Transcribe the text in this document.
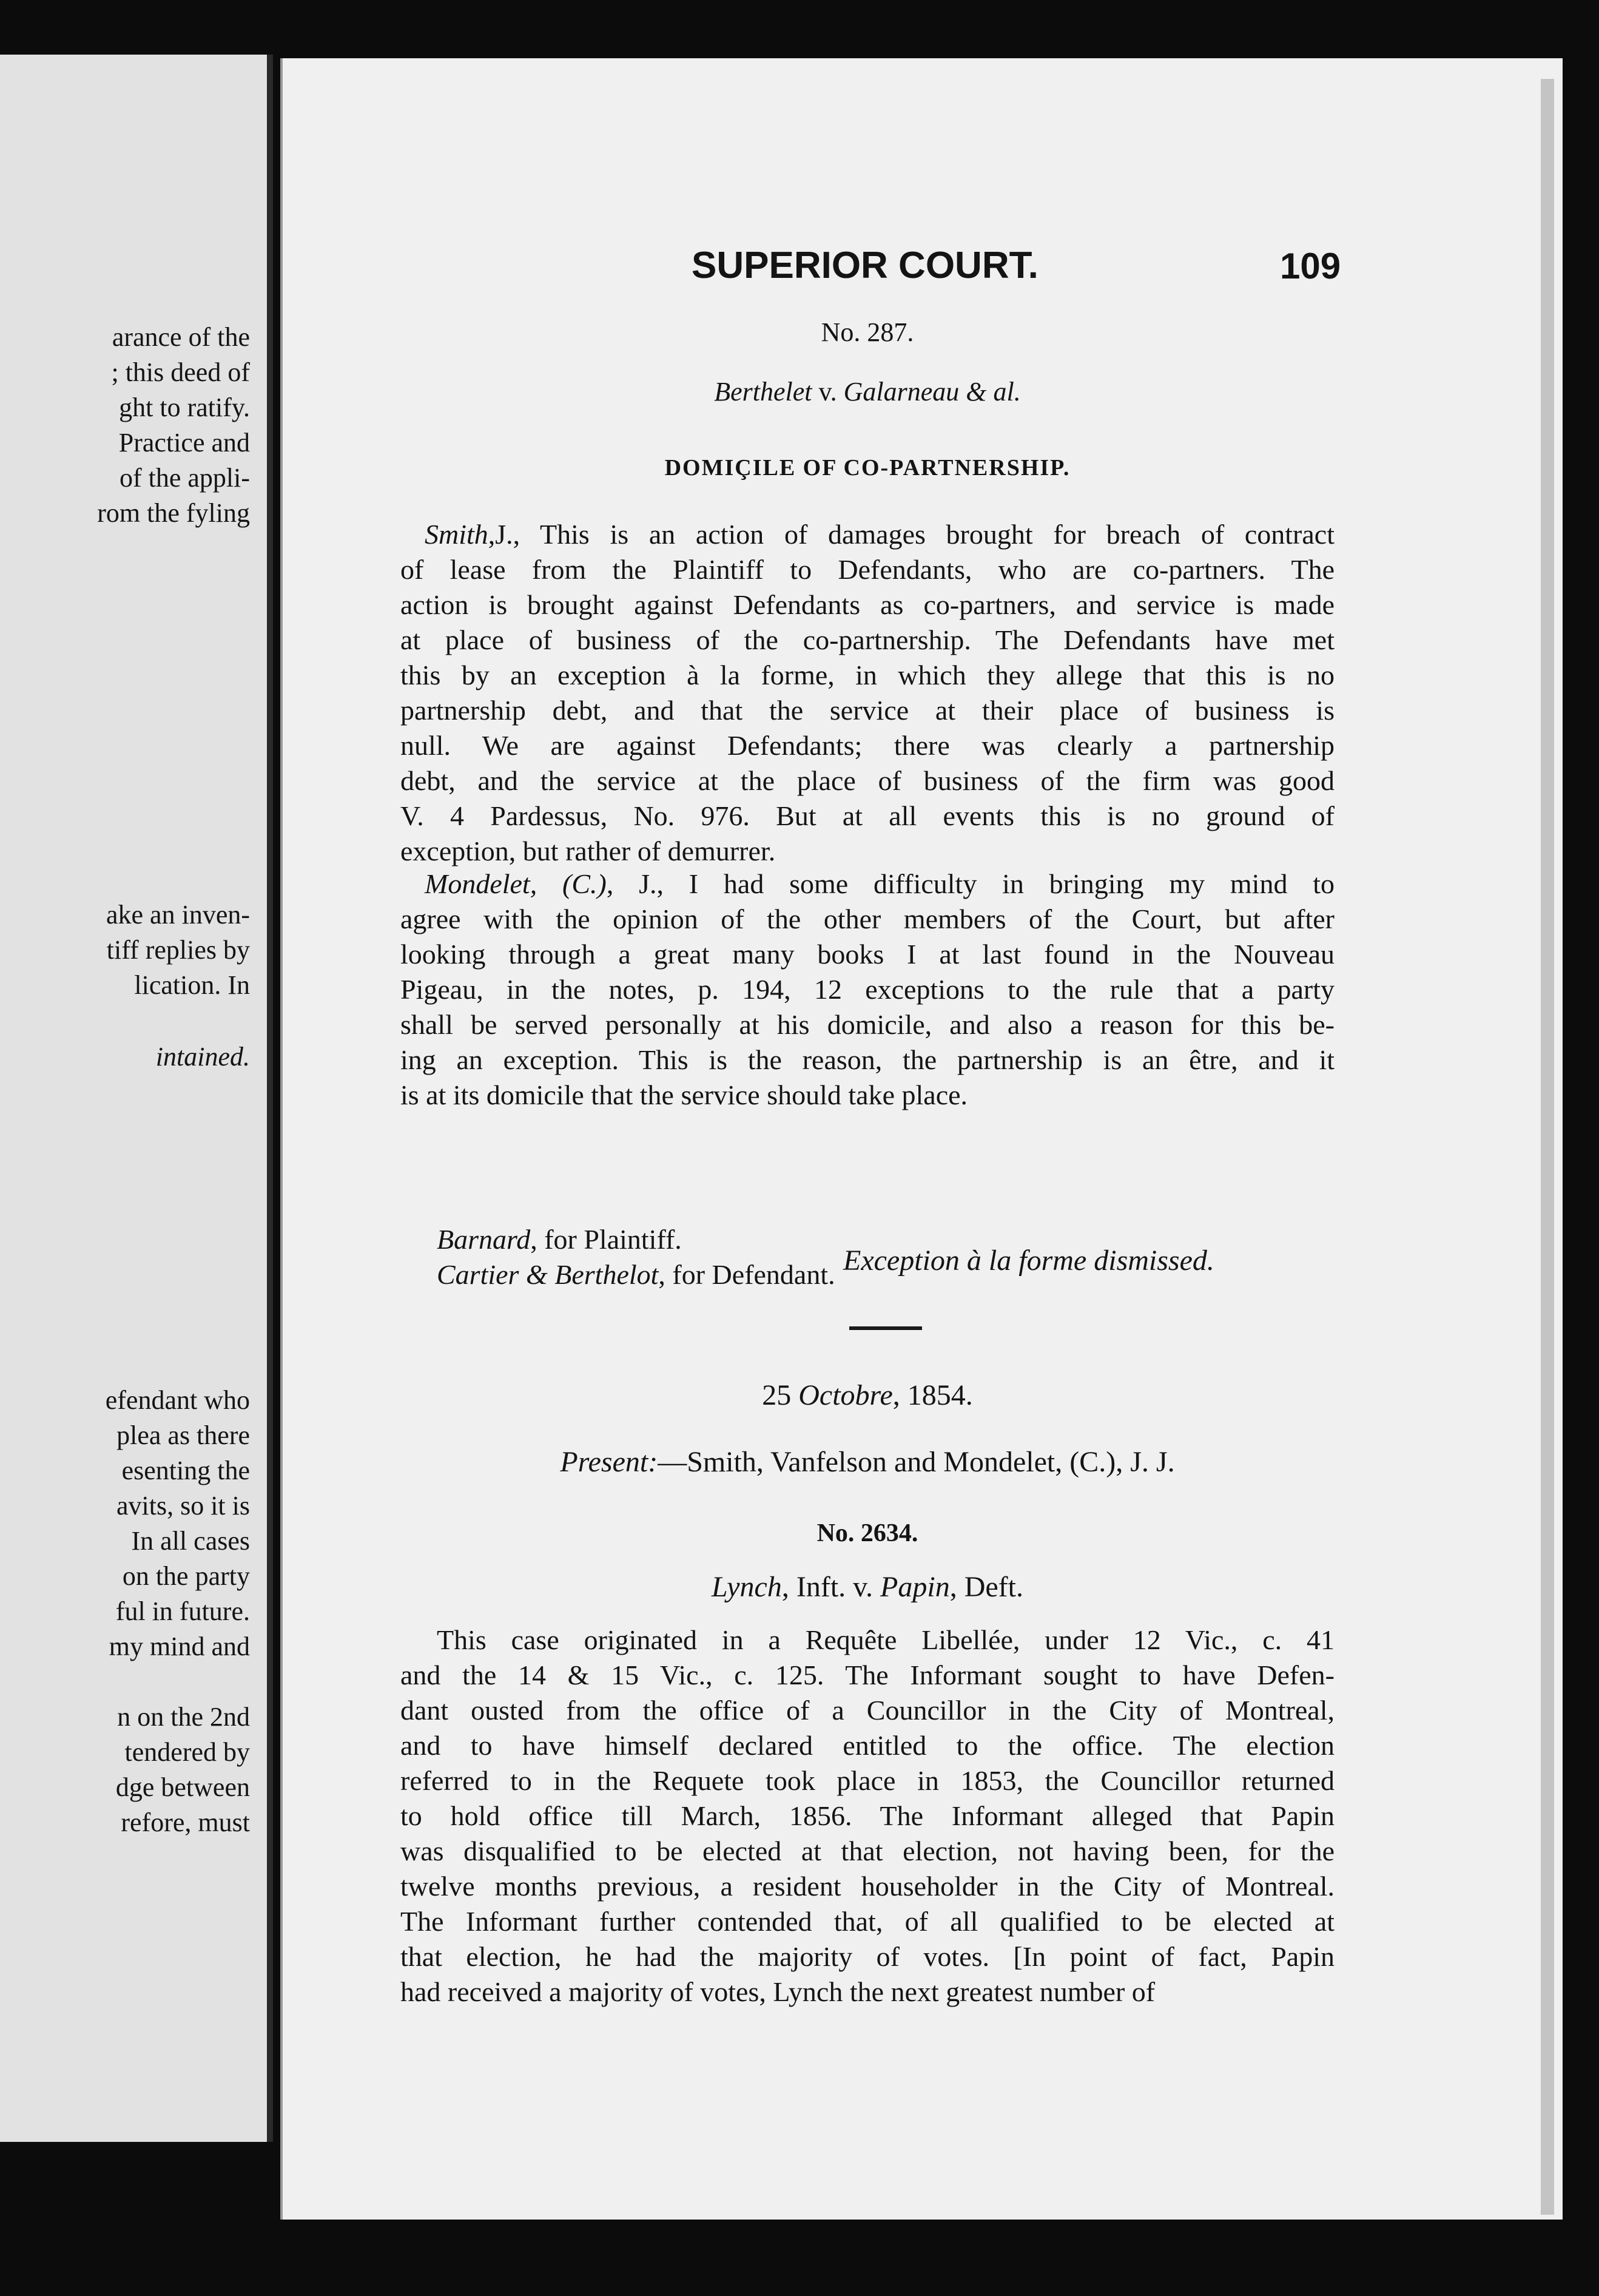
arance of the
; this deed of
ght to ratify.
Practice and
of the appli-
rom the fyling
ake an inven-
tiff replies by
lication. In
intained.
efendant who
plea as there
esenting the
avits, so it is
In all cases
on the party
ful in future.
my mind and
n on the 2nd
tendered by
dge between
refore, must
SUPERIOR COURT.	109
No. 287.
Berthelet v. Galarneau & al.
DOMIÇILE OF CO-PARTNERSHIP.
Smith,J., This is an action of damages brought for breach of contract
of lease from the Plaintiff to Defendants, who are co-partners. The
action is brought against Defendants as co-partners, and service is made
at place of business of the co-partnership. The Defendants have met
this by an exception à la forme, in which they allege that this is no
partnership debt, and that the service at their place of business is
null. We are against Defendants; there was clearly a partnership
debt, and the service at the place of business of the firm was good
V. 4 Pardessus, No. 976. But at all events this is no ground of
exception, but rather of demurrer.
Mondelet, (C.), J., I had some difficulty in bringing my mind to
agree with the opinion of the other members of the Court, but after
looking through a great many books I at last found in the Nouveau
Pigeau, in the notes, p. 194, 12 exceptions to the rule that a party
shall be served personally at his domicile, and also a reason for this be-
ing an exception. This is the reason, the partnership is an être, and it
is at its domicile that the service should take place.
Barnard, for Plaintiff.
Cartier & Berthelot, for Defendant. Exception à la forme dismissed.
25 Octobre, 1854.
Present:—Smith, Vanfelson and Mondelet, (C.), J. J.
No. 2634.
Lynch, Inft. v. Papin, Deft.
This case originated in a Requête Libellée, under 12 Vic., c. 41
and the 14 & 15 Vic., c. 125. The Informant sought to have Defen-
dant ousted from the office of a Councillor in the City of Montreal,
and to have himself declared entitled to the office. The election
referred to in the Requete took place in 1853, the Councillor returned
to hold office till March, 1856. The Informant alleged that Papin
was disqualified to be elected at that election, not having been, for the
twelve months previous, a resident householder in the City of Montreal.
The Informant further contended that, of all qualified to be elected at
that election, he had the majority of votes. [In point of fact, Papin
had received a majority of votes, Lynch the next greatest number of
